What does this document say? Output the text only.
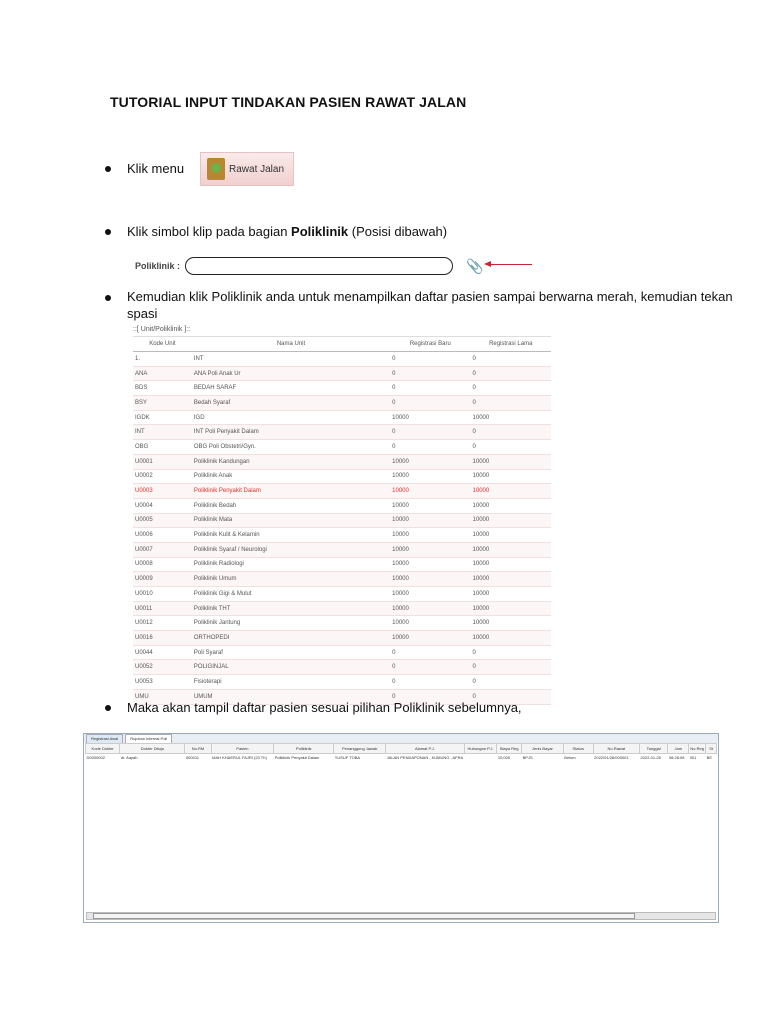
TUTORIAL INPUT TINDAKAN PASIEN RAWAT JALAN
Klik menu	Rawat Jalan
Klik simbol klip pada bagian Poliklinik (Posisi dibawah)
Poliklinik :	📎
Kemudian klik Poliklinik anda untuk menampilkan daftar pasien sampai berwarna merah, kemudian tekan spasi
::[ Unit/Poliklinik ]::
Kode Unit	Nama Unit	Registrasi Baru	Registrasi Lama
1.	INT	0	0
ANA	ANA Poli Anak Ur	0	0
BDS	BEDAH SARAF	0	0
BSY	Bedah Syaraf	0	0
IGDK	IGD	10000	10000
INT	INT Poli Penyakit Dalam	0	0
OBG	OBG Poli Obstetri/Gyn.	0	0
U0001	Poliklinik Kandungan	10000	10000
U0002	Poliklinik Anak	10000	10000
U0003	Poliklinik Penyakit Dalam	10000	10000
U0004	Poliklinik Bedah	10000	10000
U0005	Poliklinik Mata	10000	10000
U0006	Poliklinik Kulit & Kelamin	10000	10000
U0007	Poliklinik Syaraf / Neurologi	10000	10000
U0008	Poliklinik Radiologi	10000	10000
U0009	Poliklinik Umum	10000	10000
U0010	Poliklinik Gigi & Mulut	10000	10000
U0011	Poliklinik THT	10000	10000
U0012	Poliklinik Jantung	10000	10000
U0016	ORTHOPEDI	10000	10000
U0044	Poli Syaraf	0	0
U0052	POLIGINJAL	0	0
U0053	Fisioterapi	0	0
UMU	UMUM	0	0
Maka akan tampil daftar pasien sesuai pilihan Poliklinik sebelumnya,
Registrasi Awal	Rujukan Internal Poli
Kode Dokter	Dokter Dituju	No.RM	Pasien	Poliklinik	Penanggung Jawab	Alamat P.J.	Hubungan P.J.	Biaya Reg	Jenis Bayar	Status	No.Rawat	Tanggal	Jam	No.Reg	St
D0000002	dr. Aayah	000011	MAH KHAERUL FAJRI (23 Th)	Poliklinik Penyakit Dalam	YUSUF TOBA	JALAN PENDAPONAN , KUMUNG , AFRA		10,000	BPJS	Belum	2022/01/26/000001	2022-01-26	08:26:08	001	BE
